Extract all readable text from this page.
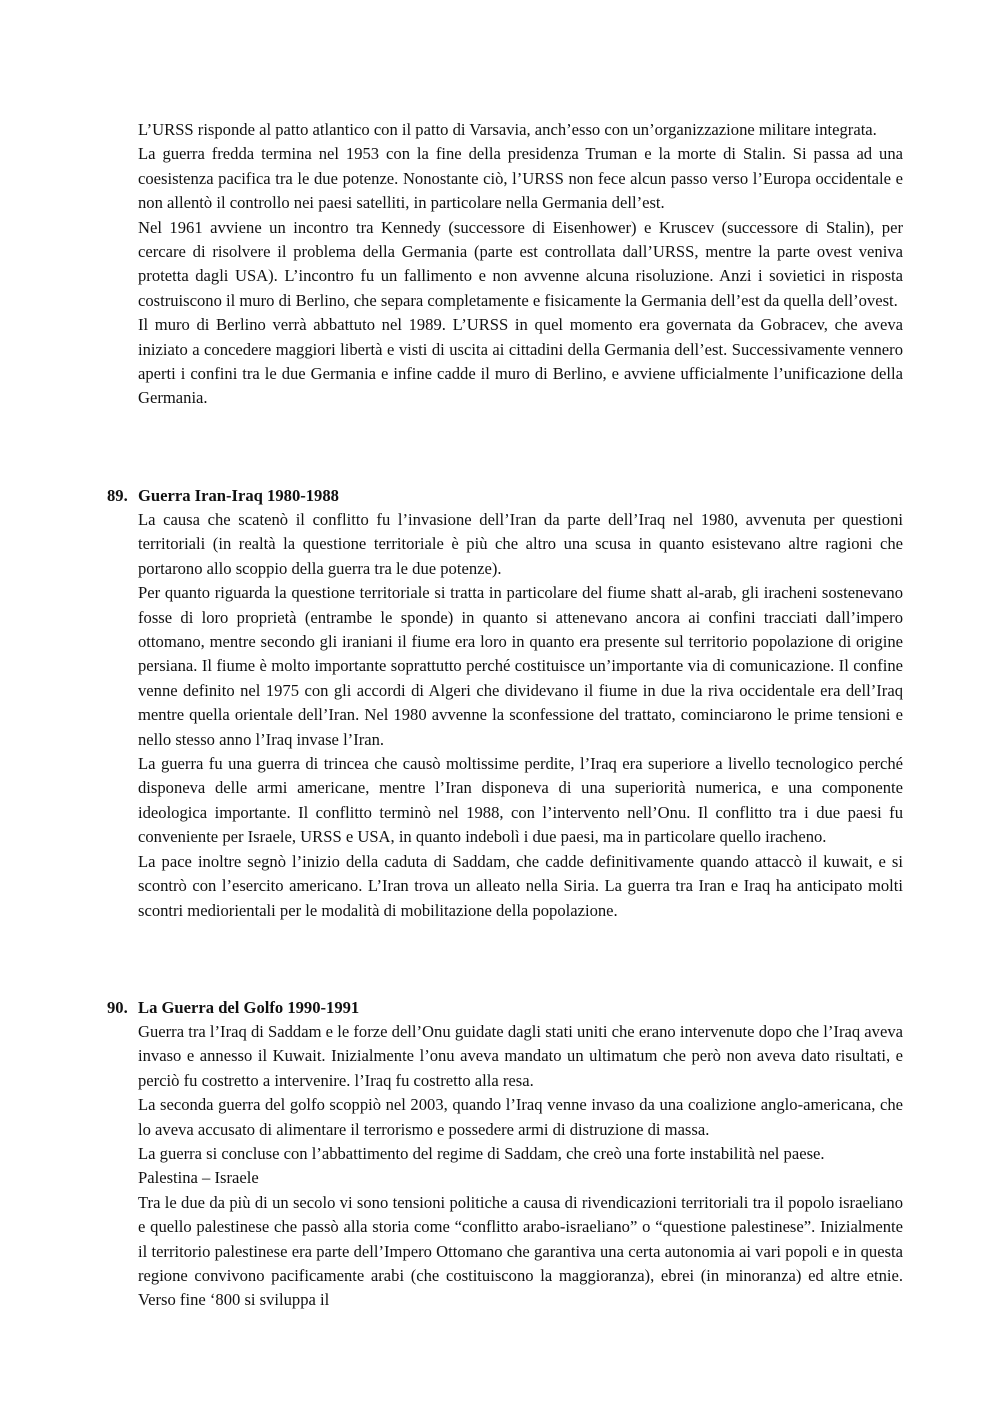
L’URSS risponde al patto atlantico con il patto di Varsavia, anch’esso con un’organizzazione militare integrata.

La guerra fredda termina nel 1953 con la fine della presidenza Truman e la morte di Stalin. Si passa ad una coesistenza pacifica tra le due potenze. Nonostante ciò, l’URSS non fece alcun passo verso l’Europa occidentale e non allentò il controllo nei paesi satelliti, in particolare nella Germania dell’est.

Nel 1961 avviene un incontro tra Kennedy (successore di Eisenhower) e Kruscev (successore di Stalin), per cercare di risolvere il problema della Germania (parte est controllata dall’URSS, mentre la parte ovest veniva protetta dagli USA). L’incontro fu un fallimento e non avvenne alcuna risoluzione. Anzi i sovietici in risposta costruiscono il muro di Berlino, che separa completamente e fisicamente la Germania dell’est da quella dell’ovest.

Il muro di Berlino verrà abbattuto nel 1989. L’URSS in quel momento era governata da Gobracev, che aveva iniziato a concedere maggiori libertà e visti di uscita ai cittadini della Germania dell’est. Successivamente vennero aperti i confini tra le due Germania e infine cadde il muro di Berlino, e avviene ufficialmente l’unificazione della Germania.

89. Guerra Iran-Iraq 1980-1988

La causa che scatenò il conflitto fu l’invasione dell’Iran da parte dell’Iraq nel 1980, avvenuta per questioni territoriali (in realtà la questione territoriale è più che altro una scusa in quanto esistevano altre ragioni che portarono allo scoppio della guerra tra le due potenze).

Per quanto riguarda la questione territoriale si tratta in particolare del fiume shatt al-arab, gli iracheni sostenevano fosse di loro proprietà (entrambe le sponde) in quanto si attenevano ancora ai confini tracciati dall’impero ottomano, mentre secondo gli iraniani il fiume era loro in quanto era presente sul territorio popolazione di origine persiana. Il fiume è molto importante soprattutto perché costituisce un’importante via di comunicazione. Il confine venne definito nel 1975 con gli accordi di Algeri che dividevano il fiume in due la riva occidentale era dell’Iraq mentre quella orientale dell’Iran. Nel 1980 avvenne la sconfessione del trattato, cominciarono le prime tensioni e nello stesso anno l’Iraq invase l’Iran.

La guerra fu una guerra di trincea che causò moltissime perdite, l’Iraq era superiore a livello tecnologico perché disponeva delle armi americane, mentre l’Iran disponeva di una superiorità numerica, e una componente ideologica importante. Il conflitto terminò nel 1988, con l’intervento nell’Onu. Il conflitto tra i due paesi fu conveniente per Israele, URSS e USA, in quanto indebolì i due paesi, ma in particolare quello iracheno.

La pace inoltre segnò l’inizio della caduta di Saddam, che cadde definitivamente quando attaccò il kuwait, e si scontrò con l’esercito americano. L’Iran trova un alleato nella Siria. La guerra tra Iran e Iraq ha anticipato molti scontri mediorientali per le modalità di mobilitazione della popolazione.

90. La Guerra del Golfo 1990-1991

Guerra tra l’Iraq di Saddam e le forze dell’Onu guidate dagli stati uniti che erano intervenute dopo che l’Iraq aveva invaso e annesso il Kuwait. Inizialmente l’onu aveva mandato un ultimatum che però non aveva dato risultati, e perciò fu costretto a intervenire. l’Iraq fu costretto alla resa.

La seconda guerra del golfo scoppiò nel 2003, quando l’Iraq venne invaso da una coalizione anglo-americana, che lo aveva accusato di alimentare il terrorismo e possedere armi di distruzione di massa.

La guerra si concluse con l’abbattimento del regime di Saddam, che creò una forte instabilità nel paese.

Palestina – Israele

Tra le due da più di un secolo vi sono tensioni politiche a causa di rivendicazioni territoriali tra il popolo israeliano e quello palestinese che passò alla storia come “conflitto arabo-israeliano” o “questione palestinese”. Inizialmente il territorio palestinese era parte dell’Impero Ottomano che garantiva una certa autonomia ai vari popoli e in questa regione convivono pacificamente arabi (che costituiscono la maggioranza), ebrei (in minoranza) ed altre etnie. Verso fine ‘800 si sviluppa il
